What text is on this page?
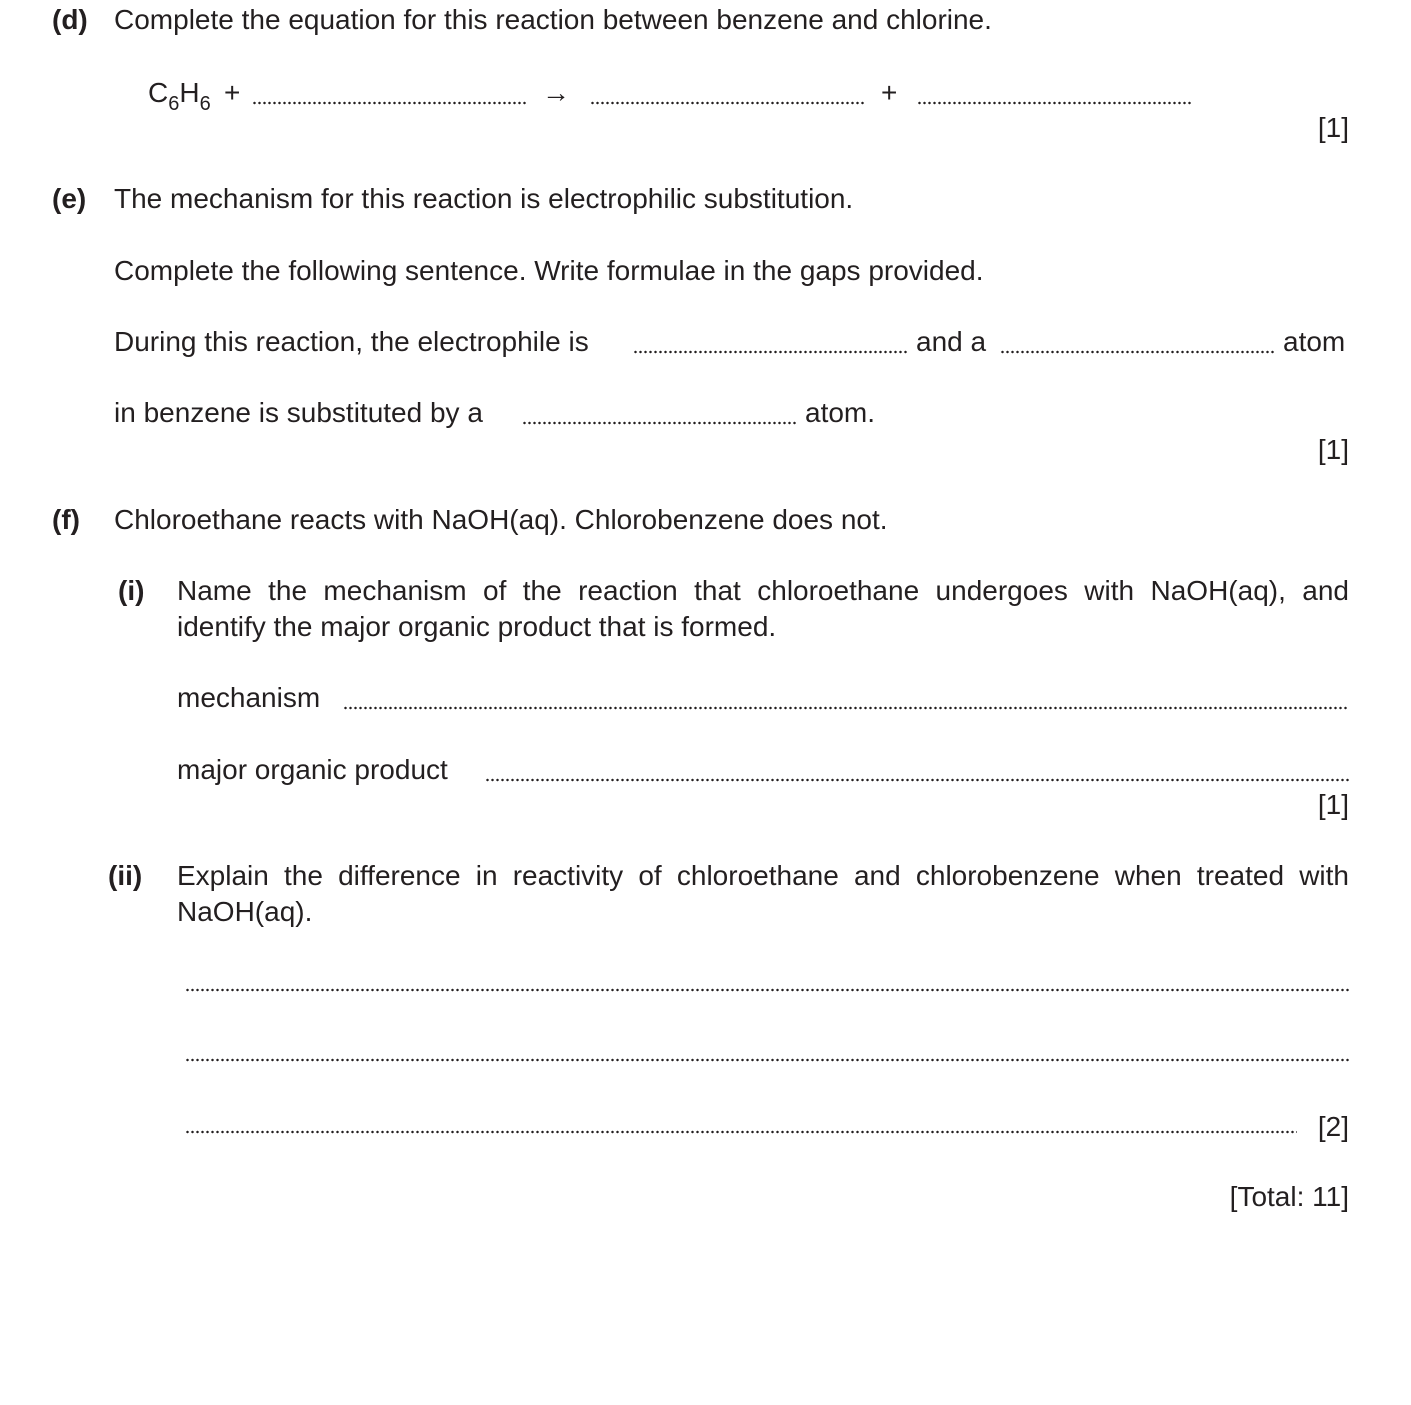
(d) Complete the equation for this reaction between benzene and chlorine.
$C_6H_6$ +	→	+
[1]
(e) The mechanism for this reaction is electrophilic substitution.
Complete the following sentence. Write formulae in the gaps provided.
During this reaction, the electrophile is	and a	atom
in benzene is substituted by a	atom.
[1]
(f) Chloroethane reacts with NaOH(aq). Chlorobenzene does not.
(i) Name the mechanism of the reaction that chloroethane undergoes with NaOH(aq), and
identify the major organic product that is formed.
mechanism
major organic product
[1]
(ii) Explain the difference in reactivity of chloroethane and chlorobenzene when treated with
NaOH(aq).
[2]
[Total: 11]
